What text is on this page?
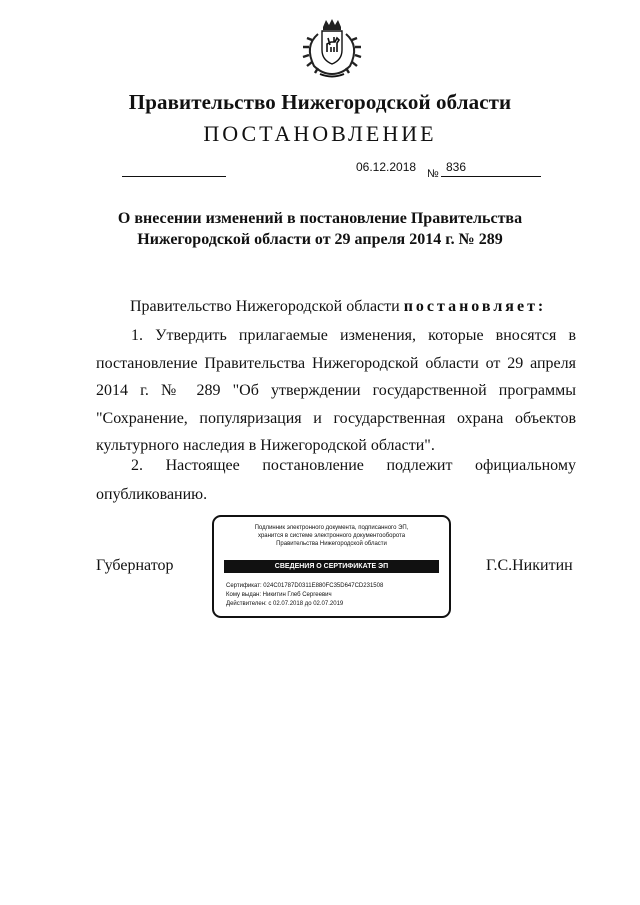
Правительство Нижегородской области
ПОСТАНОВЛЕНИЕ
06.12.2018 № 836
О внесении изменений в постановление Правительства
Нижегородской области от 29 апреля 2014 г. № 289
Правительство Нижегородской области постановляет:
1. Утвердить прилагаемые изменения, которые вносятся в постановление Правительства Нижегородской области от 29 апреля 2014 г. № 289 "Об утверждении государственной программы "Сохранение, популяризация и государственная охрана объектов культурного наследия в Нижегородской области".
2. Настоящее постановление подлежит официальному опубликованию.
Губернатор	Г.С.Никитин
Подлинник электронного документа, подписанного ЭП,
хранится в системе электронного документооборота
Правительства Нижегородской области
СВЕДЕНИЯ О СЕРТИФИКАТЕ ЭП
Сертификат: 024C01787D0311E880FC35D647CD231508
Кому выдан: Никитин Глеб Сергеевич
Действителен: с 02.07.2018 до 02.07.2019
